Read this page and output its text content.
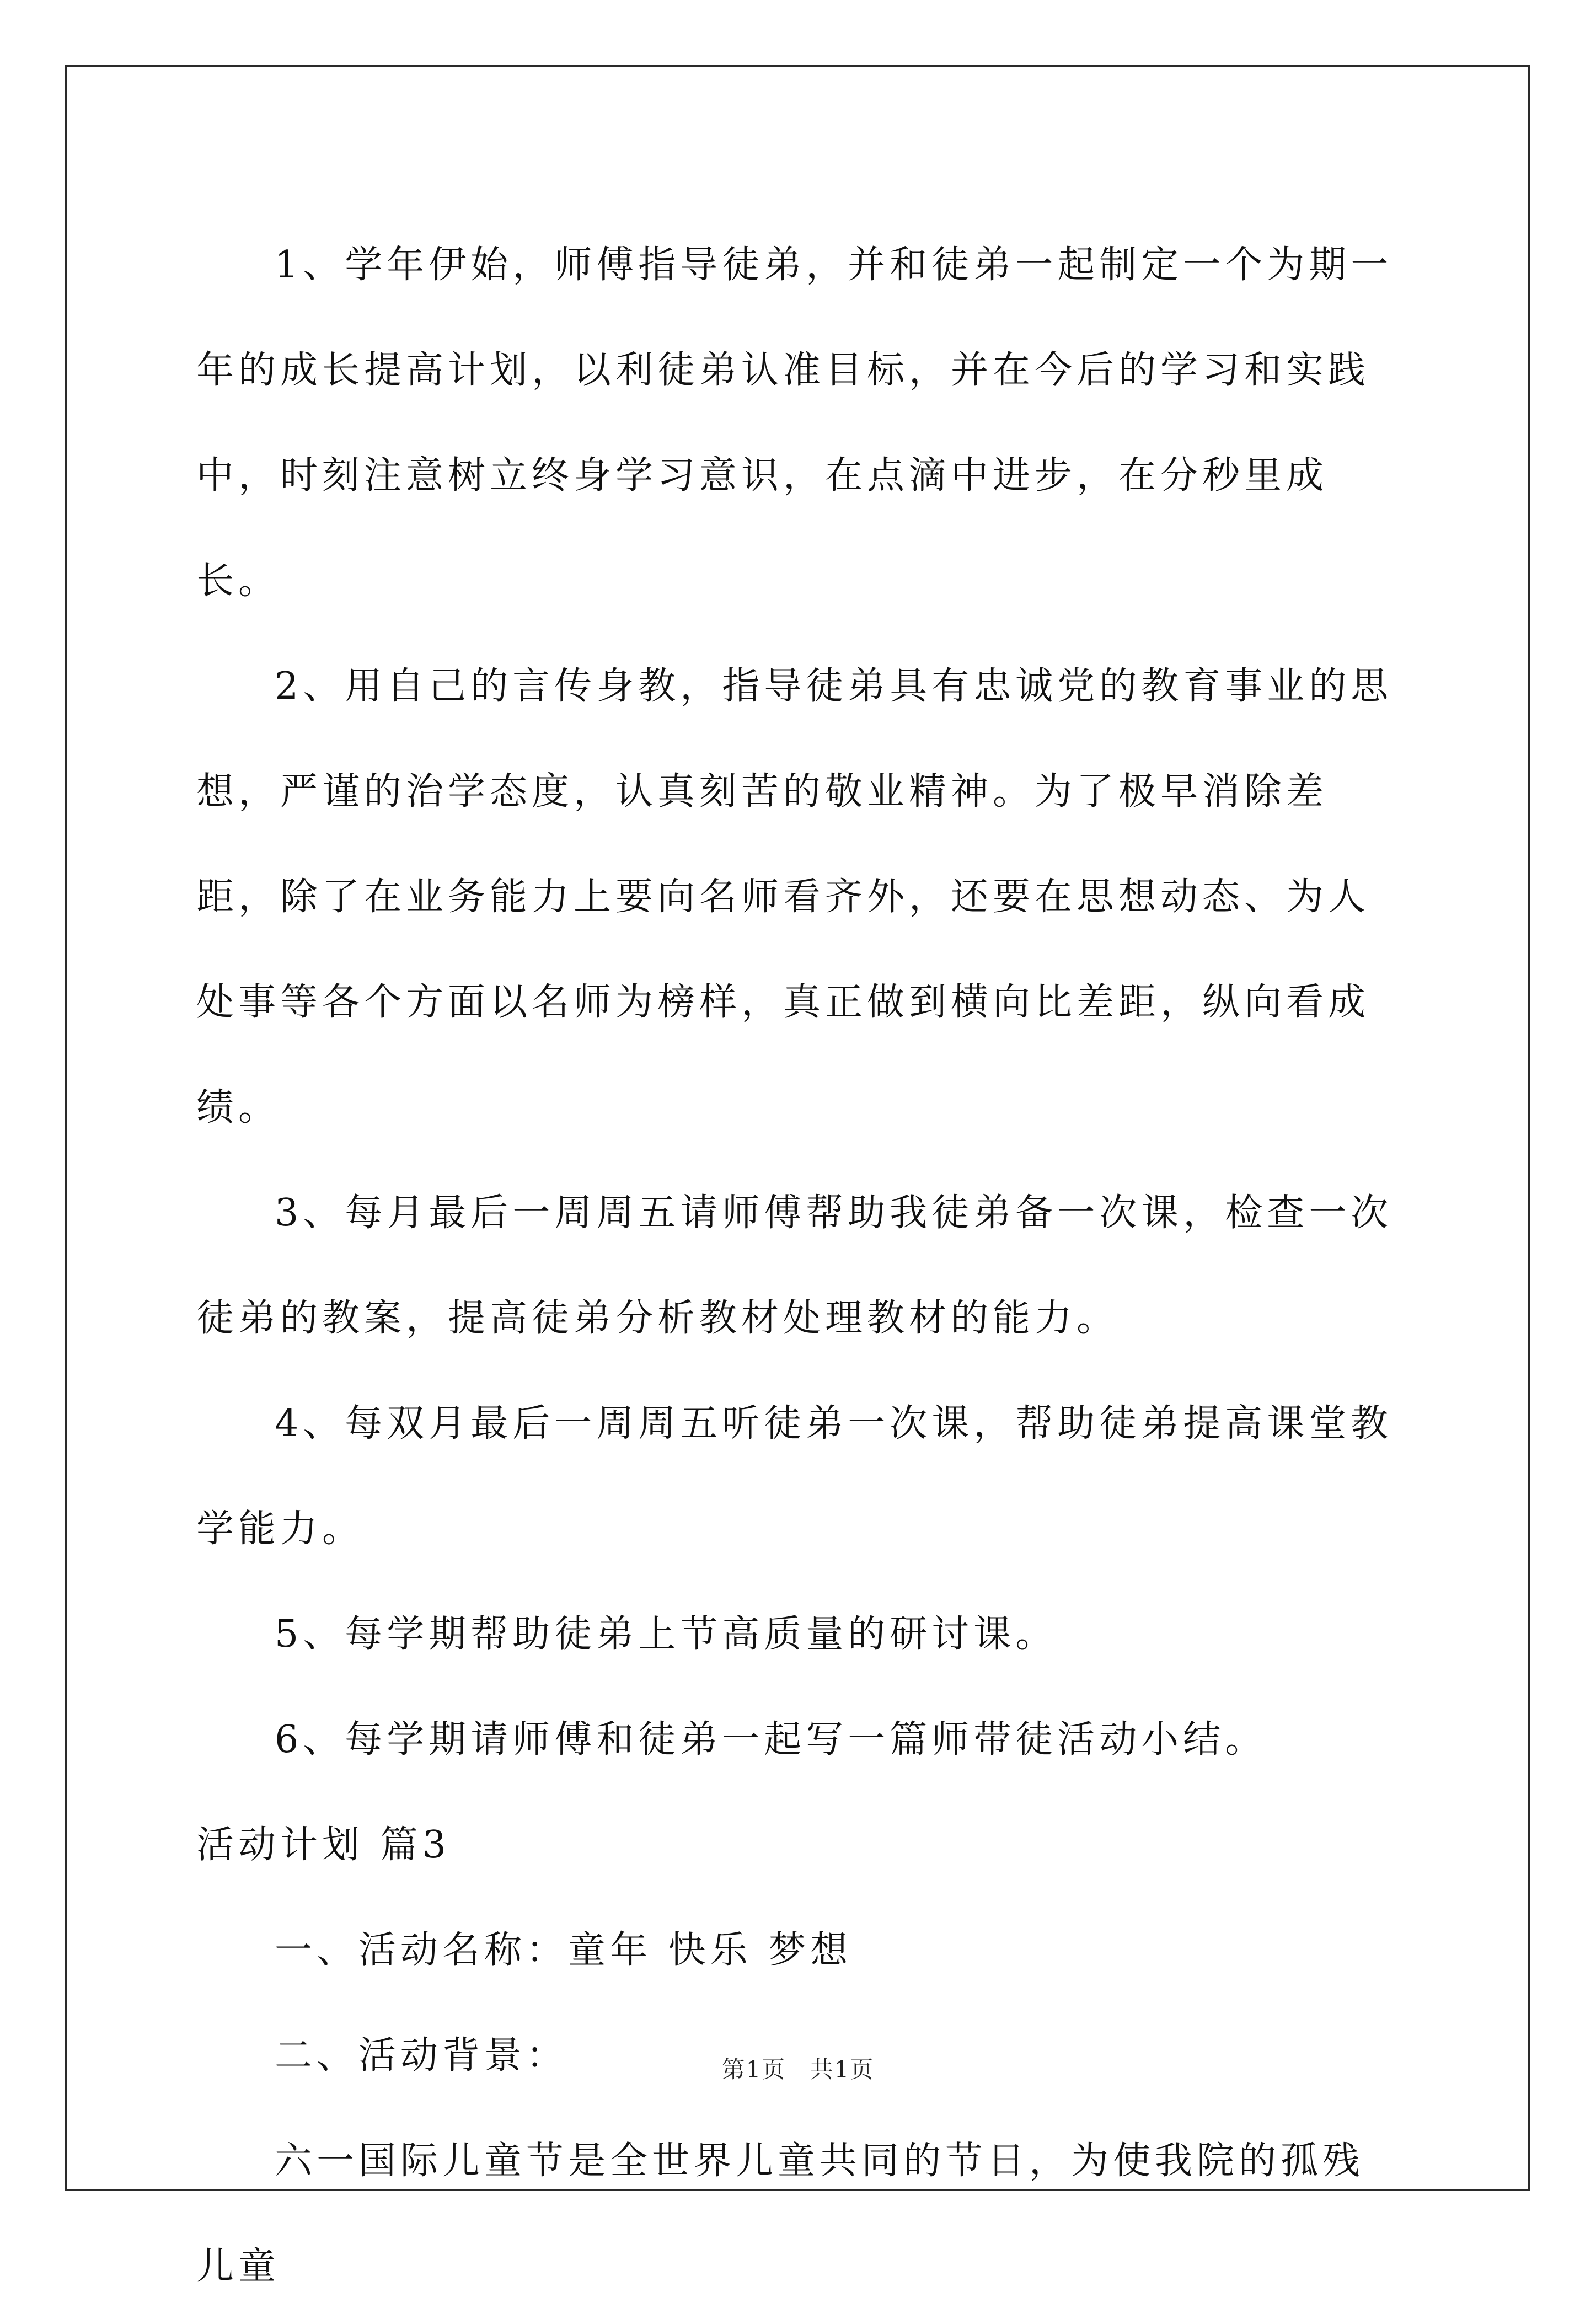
1、学年伊始，师傅指导徒弟，并和徒弟一起制定一个为期一年的成长提高计划，以利徒弟认准目标，并在今后的学习和实践中，时刻注意树立终身学习意识，在点滴中进步，在分秒里成长。

2、用自己的言传身教，指导徒弟具有忠诚党的教育事业的思想，严谨的治学态度，认真刻苦的敬业精神。为了极早消除差距，除了在业务能力上要向名师看齐外，还要在思想动态、为人处事等各个方面以名师为榜样，真正做到横向比差距，纵向看成绩。

3、每月最后一周周五请师傅帮助我徒弟备一次课，检查一次徒弟的教案，提高徒弟分析教材处理教材的能力。

4、每双月最后一周周五听徒弟一次课，帮助徒弟提高课堂教学能力。

5、每学期帮助徒弟上节高质量的研讨课。

6、每学期请师傅和徒弟一起写一篇师带徒活动小结。

活动计划 篇3

一、活动名称：童年 快乐 梦想

二、活动背景：

六一国际儿童节是全世界儿童共同的节日，为使我院的孤残儿童

第1页 共1页
